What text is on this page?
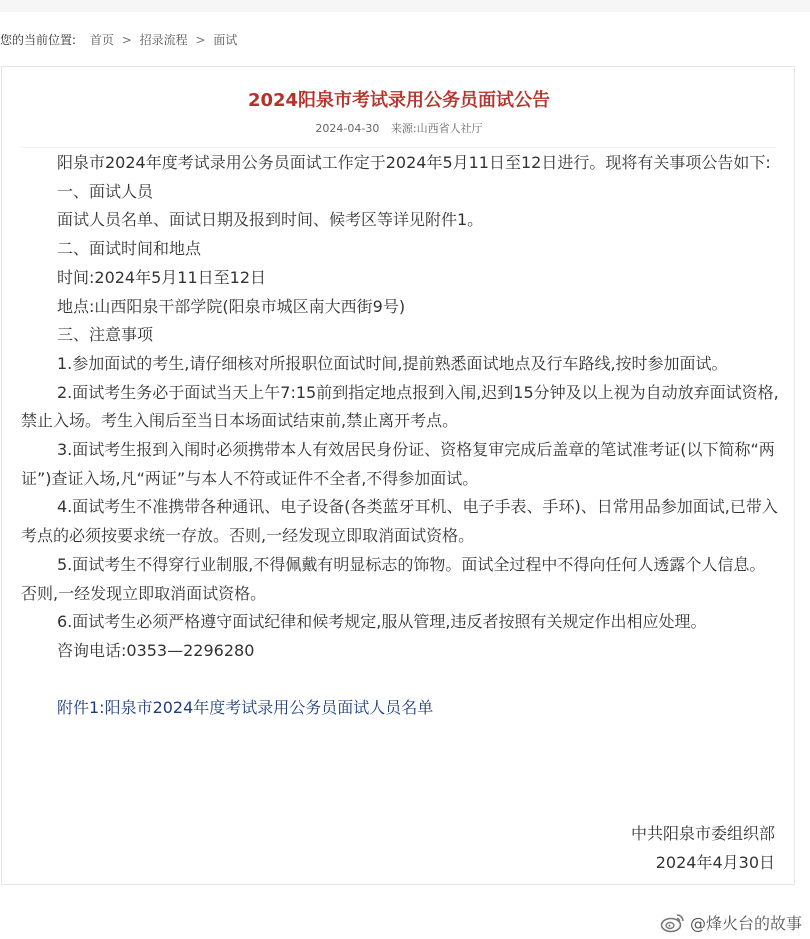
您的当前位置: 首页 > 招录流程 > 面试
2024阳泉市考试录用公务员面试公告
2024-04-30 来源:山西省人社厅

阳泉市2024年度考试录用公务员面试工作定于2024年5月11日至12日进行。现将有关事项公告如下:

一、面试人员

面试人员名单、面试日期及报到时间、候考区等详见附件1。

二、面试时间和地点

时间:2024年5月11日至12日

地点:山西阳泉干部学院(阳泉市城区南大西街9号)

三、注意事项

1.参加面试的考生,请仔细核对所报职位面试时间,提前熟悉面试地点及行车路线,按时参加面试。

2.面试考生务必于面试当天上午7:15前到指定地点报到入闱,迟到15分钟及以上视为自动放弃面试资格,禁止入场。考生入闱后至当日本场面试结束前,禁止离开考点。

3.面试考生报到入闱时必须携带本人有效居民身份证、资格复审完成后盖章的笔试准考证(以下简称“两证”)查证入场,凡“两证”与本人不符或证件不全者,不得参加面试。

4.面试考生不准携带各种通讯、电子设备(各类蓝牙耳机、电子手表、手环)、日常用品参加面试,已带入考点的必须按要求统一存放。否则,一经发现立即取消面试资格。

5.面试考生不得穿行业制服,不得佩戴有明显标志的饰物。面试全过程中不得向任何人透露个人信息。否则,一经发现立即取消面试资格。

6.面试考生必须严格遵守面试纪律和候考规定,服从管理,违反者按照有关规定作出相应处理。

咨询电话:0353—2296280

附件1:阳泉市2024年度考试录用公务员面试人员名单

中共阳泉市委组织部
2024年4月30日
@烽火台的故事
